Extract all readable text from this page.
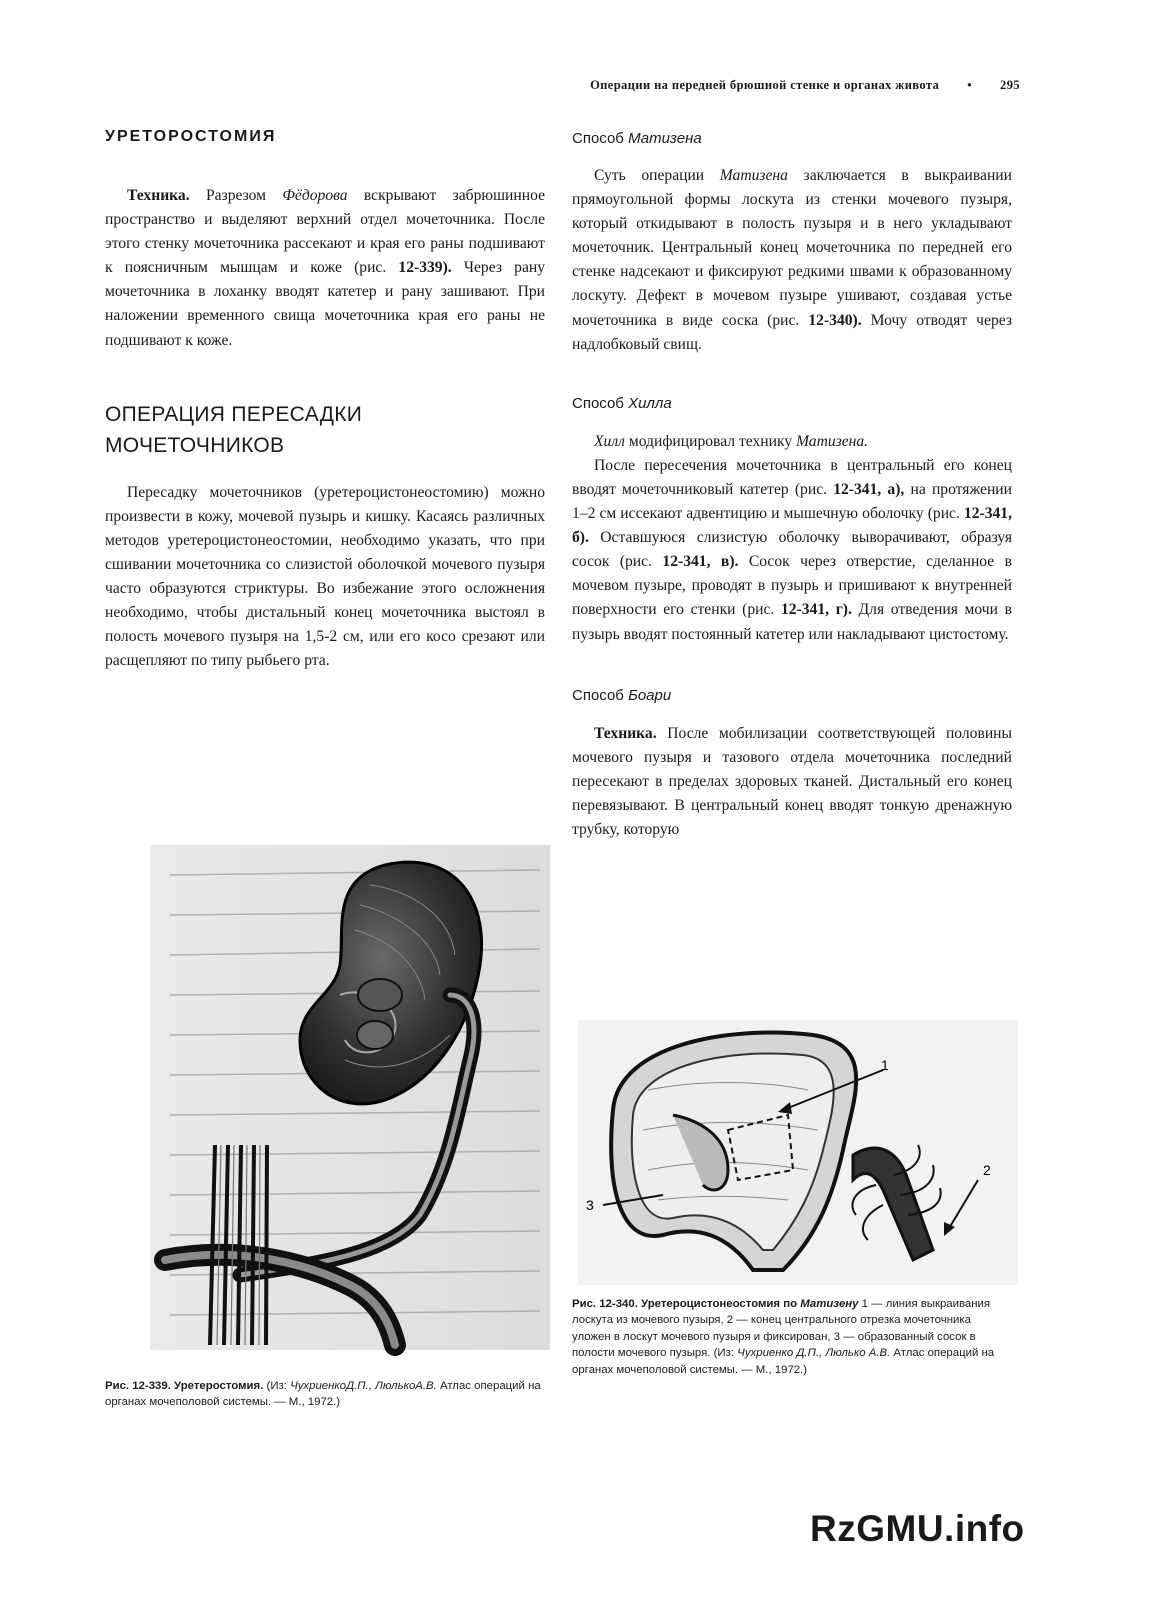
Операции на передней брюшной стенке и органах живота • 295
УРЕТОРОСТОМИЯ

Техника. Разрезом Фёдорова вскрывают забрюшинное пространство и выделяют верхний отдел мочеточника. После этого стенку мочеточника рассекают и края его раны подшивают к поясничным мышцам и коже (рис. 12-339). Через рану мочеточника в лоханку вводят катетер и рану зашивают. При наложении временного свища мочеточника края его раны не подшивают к коже.

ОПЕРАЦИЯ ПЕРЕСАДКИ
МОЧЕТОЧНИКОВ

Пересадку мочеточников (уретероцистонеостомию) можно произвести в кожу, мочевой пузырь и кишку. Касаясь различных методов уретероцистонеостомии, необходимо указать, что при сшивании мочеточника со слизистой оболочкой мочевого пузыря часто образуются стриктуры. Во избежание этого осложнения необходимо, чтобы дистальный конец мочеточника выстоял в полость мочевого пузыря на 1,5-2 см, или его косо срезают или расщепляют по типу рыбьего рта.

Рис. 12-339. Уретеростомия. (Из: ЧухриенкоД.П., ЛюлькоА.В. Атлас операций на органах мочеполовой системы. — М., 1972.)

Способ Матизена

Суть операции Матизена заключается в выкраивании прямоугольной формы лоскута из стенки мочевого пузыря, который откидывают в полость пузыря и в него укладывают мочеточник. Центральный конец мочеточника по передней его стенке надсекают и фиксируют редкими швами к образованному лоскуту. Дефект в мочевом пузыре ушивают, создавая устье мочеточника в виде соска (рис. 12-340). Мочу отводят через надлобковый свищ.

Способ Хилла

Хилл модифицировал технику Матизена.

После пересечения мочеточника в центральный его конец вводят мочеточниковый катетер (рис. 12-341, а), на протяжении 1–2 см иссекают адвентицию и мышечную оболочку (рис. 12-341, б). Оставшуюся слизистую оболочку выворачивают, образуя сосок (рис. 12-341, в). Сосок через отверстие, сделанное в мочевом пузыре, проводят в пузырь и пришивают к внутренней поверхности его стенки (рис. 12-341, г). Для отведения мочи в пузырь вводят постоянный катетер или накладывают цистостому.

Способ Боари

Техника. После мобилизации соответствующей половины мочевого пузыря и тазового отдела мочеточника последний пересекают в пределах здоровых тканей. Дистальный его конец перевязывают. В центральный конец вводят тонкую дренажную трубку, которую

1
2
3

Рис. 12-340. Уретероцистонеостомия по Матизену 1 — линия выкраивания лоскута из мочевого пузыря, 2 — конец центрального отрезка мочеточника уложен в лоскут мочевого пузыря и фиксирован, 3 — образованный сосок в полости мочевого пузыря. (Из: Чухриенко Д.П., Люлько А.В. Атлас операций на органах мочеполовой системы. — М., 1972.)

RzGMU.info
